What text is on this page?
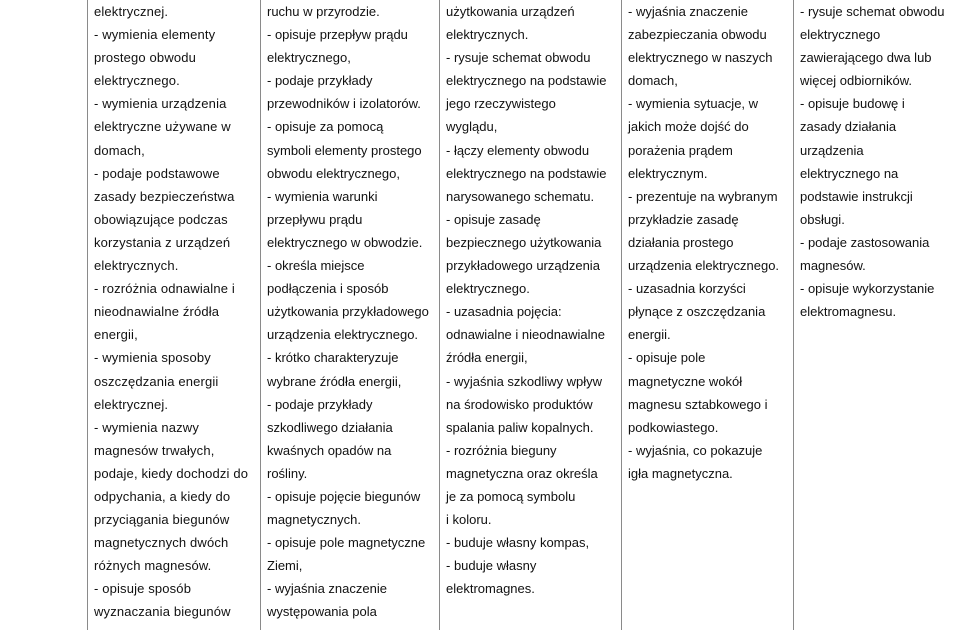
elektrycznej.
- wymienia elementy
prostego obwodu
elektrycznego.
- wymienia urządzenia
elektryczne używane w
domach,
- podaje podstawowe
zasady bezpieczeństwa
obowiązujące podczas
korzystania z urządzeń
elektrycznych.
- rozróżnia odnawialne i
nieodnawialne źródła
energii,
- wymienia sposoby
oszczędzania energii
elektrycznej.
- wymienia nazwy
magnesów trwałych,
podaje, kiedy dochodzi do
odpychania, a kiedy do
przyciągania biegunów
magnetycznych dwóch
różnych magnesów.
- opisuje sposób
wyznaczania biegunów

ruchu w przyrodzie.
- opisuje przepływ prądu
elektrycznego,
- podaje przykłady
przewodników i izolatorów.
- opisuje za pomocą
symboli elementy prostego
obwodu elektrycznego,
- wymienia warunki
przepływu prądu
elektrycznego w obwodzie.
- określa miejsce
podłączenia i sposób
użytkowania przykładowego
urządzenia elektrycznego.
- krótko charakteryzuje
wybrane źródła energii,
- podaje przykłady
szkodliwego działania
kwaśnych opadów na
rośliny.
- opisuje pojęcie biegunów
magnetycznych.
- opisuje pole magnetyczne
Ziemi,
- wyjaśnia znaczenie
występowania pola

użytkowania urządzeń
elektrycznych.
- rysuje schemat obwodu
elektrycznego na podstawie
jego rzeczywistego
wyglądu,
- łączy elementy obwodu
elektrycznego na podstawie
narysowanego schematu.
- opisuje zasadę
bezpiecznego użytkowania
przykładowego urządzenia
elektrycznego.
- uzasadnia pojęcia:
odnawialne i nieodnawialne
źródła energii,
- wyjaśnia szkodliwy wpływ
na środowisko produktów
spalania paliw kopalnych.
- rozróżnia bieguny
magnetyczna oraz określa
je za pomocą symbolu
i koloru.
- buduje własny kompas,
- buduje własny
elektromagnes.

- wyjaśnia znaczenie
zabezpieczania obwodu
elektrycznego w naszych
domach,
- wymienia sytuacje, w
jakich może dojść do
porażenia prądem
elektrycznym.
- prezentuje na wybranym
przykładzie zasadę
działania prostego
urządzenia elektrycznego.
- uzasadnia korzyści
płynące z oszczędzania
energii.
- opisuje pole
magnetyczne wokół
magnesu sztabkowego i
podkowiastego.
- wyjaśnia, co pokazuje
igła magnetyczna.

- rysuje schemat obwodu
elektrycznego
zawierającego dwa lub
więcej odbiorników.
- opisuje budowę i
zasady działania
urządzenia
elektrycznego na
podstawie instrukcji
obsługi.
- podaje zastosowania
magnesów.
- opisuje wykorzystanie
elektromagnesu.
